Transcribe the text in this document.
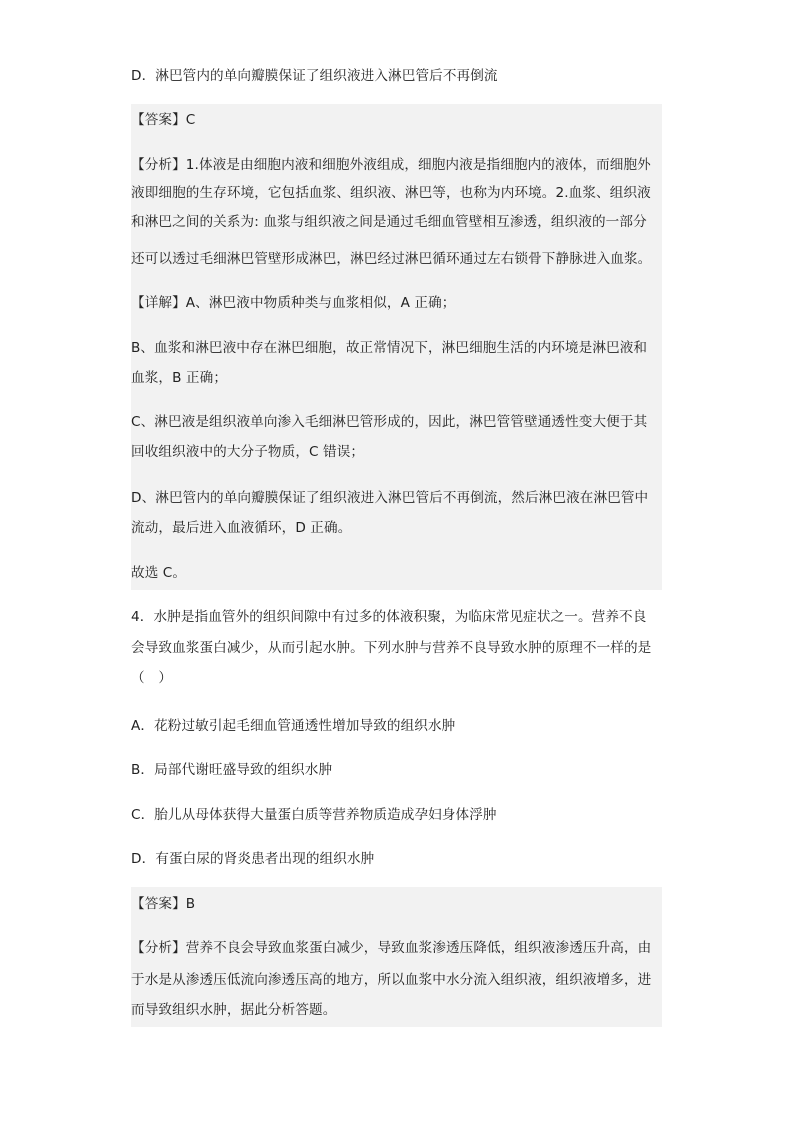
D．淋巴管内的单向瓣膜保证了组织液进入淋巴管后不再倒流
【答案】C
【分析】1.体液是由细胞内液和细胞外液组成，细胞内液是指细胞内的液体，而细胞外
液即细胞的生存环境，它包括血浆、组织液、淋巴等，也称为内环境。2.血浆、组织液
和淋巴之间的关系为: 血浆与组织液之间是通过毛细血管壁相互渗透，组织液的一部分
还可以透过毛细淋巴管壁形成淋巴，淋巴经过淋巴循环通过左右锁骨下静脉进入血浆。
【详解】A、淋巴液中物质种类与血浆相似，A 正确；
B、血浆和淋巴液中存在淋巴细胞，故正常情况下，淋巴细胞生活的内环境是淋巴液和
血浆，B 正确；
C、淋巴液是组织液单向渗入毛细淋巴管形成的，因此，淋巴管管壁通透性变大便于其
回收组织液中的大分子物质，C 错误；
D、淋巴管内的单向瓣膜保证了组织液进入淋巴管后不再倒流，然后淋巴液在淋巴管中
流动，最后进入血液循环，D 正确。
故选 C。
4．水肿是指血管外的组织间隙中有过多的体液积聚，为临床常见症状之一。营养不良
会导致血浆蛋白减少，从而引起水肿。下列水肿与营养不良导致水肿的原理不一样的是
（　）
A．花粉过敏引起毛细血管通透性增加导致的组织水肿
B．局部代谢旺盛导致的组织水肿
C．胎儿从母体获得大量蛋白质等营养物质造成孕妇身体浮肿
D．有蛋白尿的肾炎患者出现的组织水肿
【答案】B
【分析】营养不良会导致血浆蛋白减少，导致血浆渗透压降低，组织液渗透压升高，由
于水是从渗透压低流向渗透压高的地方，所以血浆中水分流入组织液，组织液增多，进
而导致组织水肿，据此分析答题。
